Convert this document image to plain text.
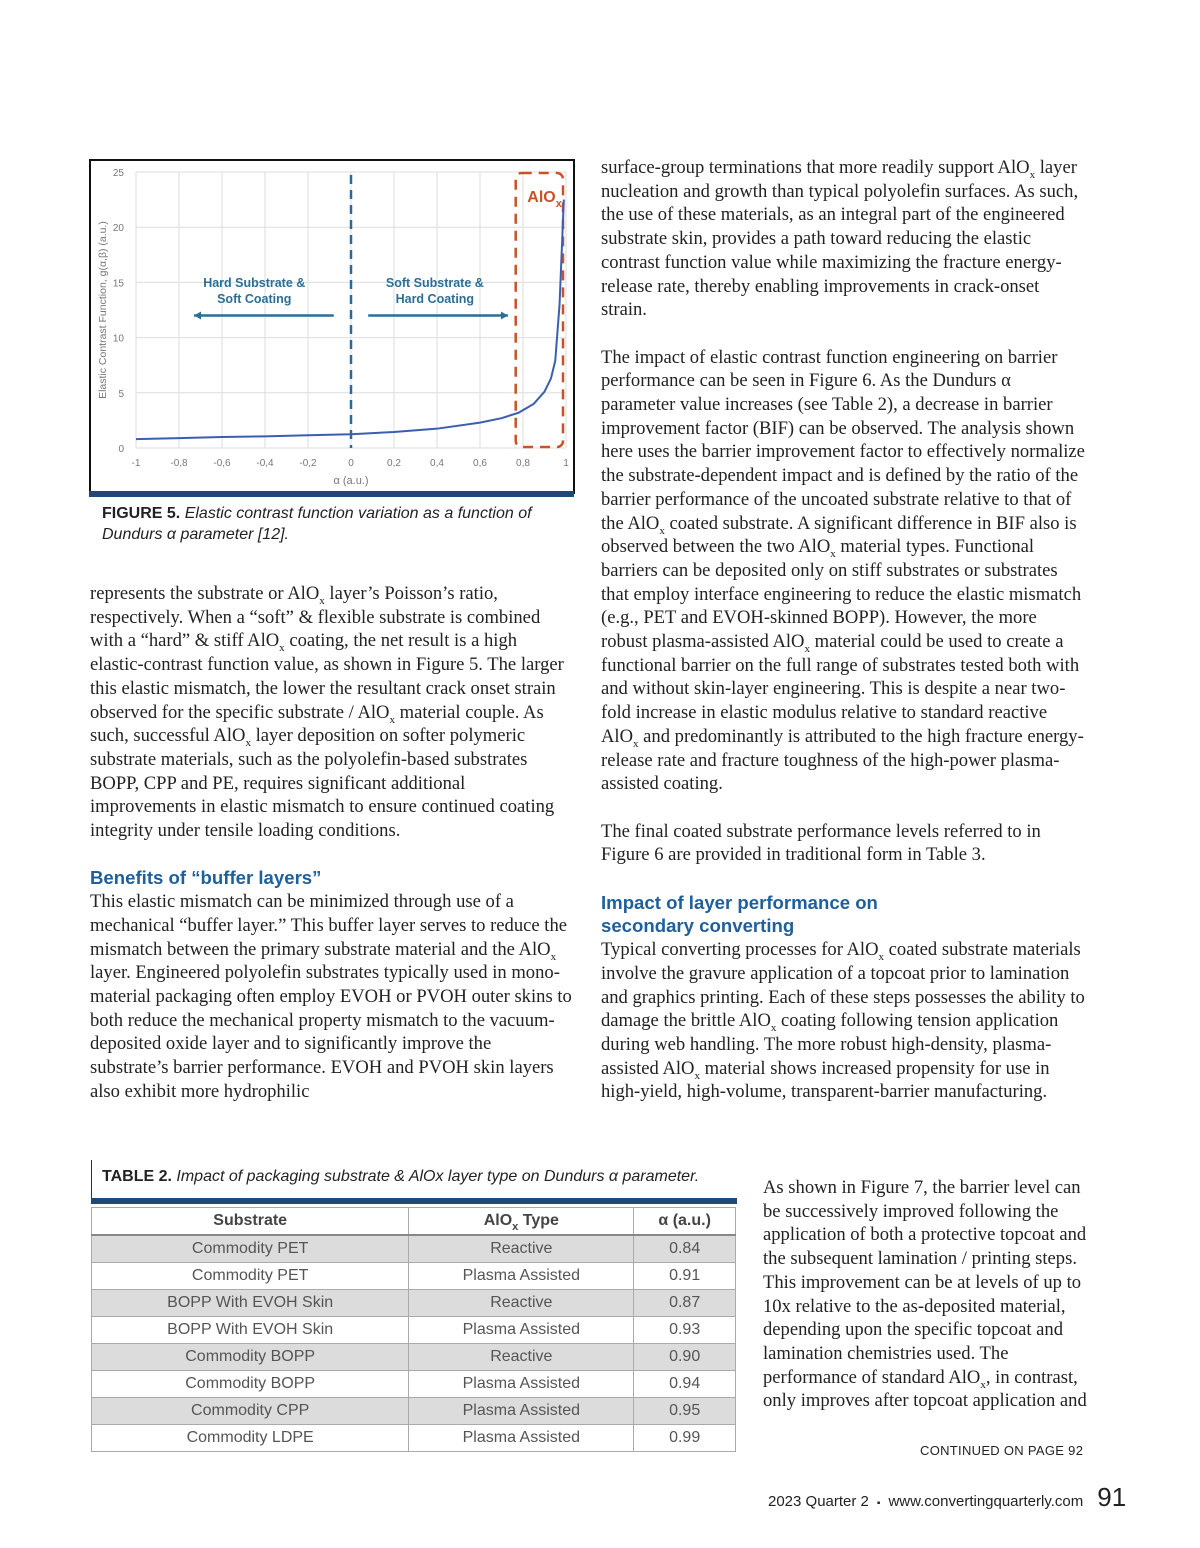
-1	-0,8	-0,6	-0,4	-0,2	0	0,2	0,4	0,6	0,8	1
0
5
10
15
20
25
α (a.u.)
Elastic Contrast Function, g(α,β) (a.u.)
AlO$_x$
Hard Substrate & Soft Coating
Soft Substrate & Hard Coating
FIGURE 5. Elastic contrast function variation as a function of Dundurs α parameter [12].

represents the substrate or AlO$_x$ layer’s Poisson’s ratio, respectively. When a “soft” & flexible substrate is combined with a “hard” & stiff AlO$_x$ coating, the net result is a high elastic-contrast function value, as shown in Figure 5. The larger this elastic mismatch, the lower the resultant crack onset strain observed for the specific substrate / AlO$_x$ material couple. As such, successful AlO$_x$ layer deposition on softer polymeric substrate materials, such as the polyolefin-based substrates BOPP, CPP and PE, requires significant additional improvements in elastic mismatch to ensure continued coating integrity under tensile loading conditions.

Benefits of “buffer layers”

This elastic mismatch can be minimized through use of a mechanical “buffer layer.” This buffer layer serves to reduce the mismatch between the primary substrate material and the AlO$_x$ layer. Engineered polyolefin substrates typically used in mono-material packaging often employ EVOH or PVOH outer skins to both reduce the mechanical property mismatch to the vacuum-deposited oxide layer and to significantly improve the substrate’s barrier performance. EVOH and PVOH skin layers also exhibit more hydrophilic

surface-group terminations that more readily support AlO$_x$ layer nucleation and growth than typical polyolefin surfaces. As such, the use of these materials, as an integral part of the engineered substrate skin, provides a path toward reducing the elastic contrast function value while maximizing the fracture energy-release rate, thereby enabling improvements in crack-onset strain.

The impact of elastic contrast function engineering on barrier performance can be seen in Figure 6. As the Dundurs α parameter value increases (see Table 2), a decrease in barrier improvement factor (BIF) can be observed. The analysis shown here uses the barrier improvement factor to effectively normalize the substrate-dependent impact and is defined by the ratio of the barrier performance of the uncoated substrate relative to that of the AlO$_x$ coated substrate. A significant difference in BIF also is observed between the two AlO$_x$ material types. Functional barriers can be deposited only on stiff substrates or substrates that employ interface engineering to reduce the elastic mismatch (e.g., PET and EVOH-skinned BOPP). However, the more robust plasma-assisted AlO$_x$ material could be used to create a functional barrier on the full range of substrates tested both with and without skin-layer engineering. This is despite a near two-fold increase in elastic modulus relative to standard reactive AlO$_x$ and predominantly is attributed to the high fracture energy-release rate and fracture toughness of the high-power plasma-assisted coating.

The final coated substrate performance levels referred to in Figure 6 are provided in traditional form in Table 3.

Impact of layer performance on secondary converting

Typical converting processes for AlO$_x$ coated substrate materials involve the gravure application of a topcoat prior to lamination and graphics printing. Each of these steps possesses the ability to damage the brittle AlO$_x$ coating following tension application during web handling. The more robust high-density, plasma-assisted AlO$_x$ material shows increased propensity for use in high-yield, high-volume, transparent-barrier manufacturing.

As shown in Figure 7, the barrier level can be successively improved following the application of both a protective topcoat and the subsequent lamination / printing steps. This improvement can be at levels of up to 10x relative to the as-deposited material, depending upon the specific topcoat and lamination chemistries used. The performance of standard AlO$_x$, in contrast, only improves after topcoat application and

TABLE 2. Impact of packaging substrate & AlOx layer type on Dundurs α parameter.
Substrate	AlO$_x$ Type	α (a.u.)
Commodity PET	Reactive	0.84
Commodity PET	Plasma Assisted	0.91
BOPP With EVOH Skin	Reactive	0.87
BOPP With EVOH Skin	Plasma Assisted	0.93
Commodity BOPP	Reactive	0.90
Commodity BOPP	Plasma Assisted	0.94
Commodity CPP	Plasma Assisted	0.95
Commodity LDPE	Plasma Assisted	0.99
CONTINUED ON PAGE 92
2023 Quarter 2 ▪ www.convertingquarterly.com 91
